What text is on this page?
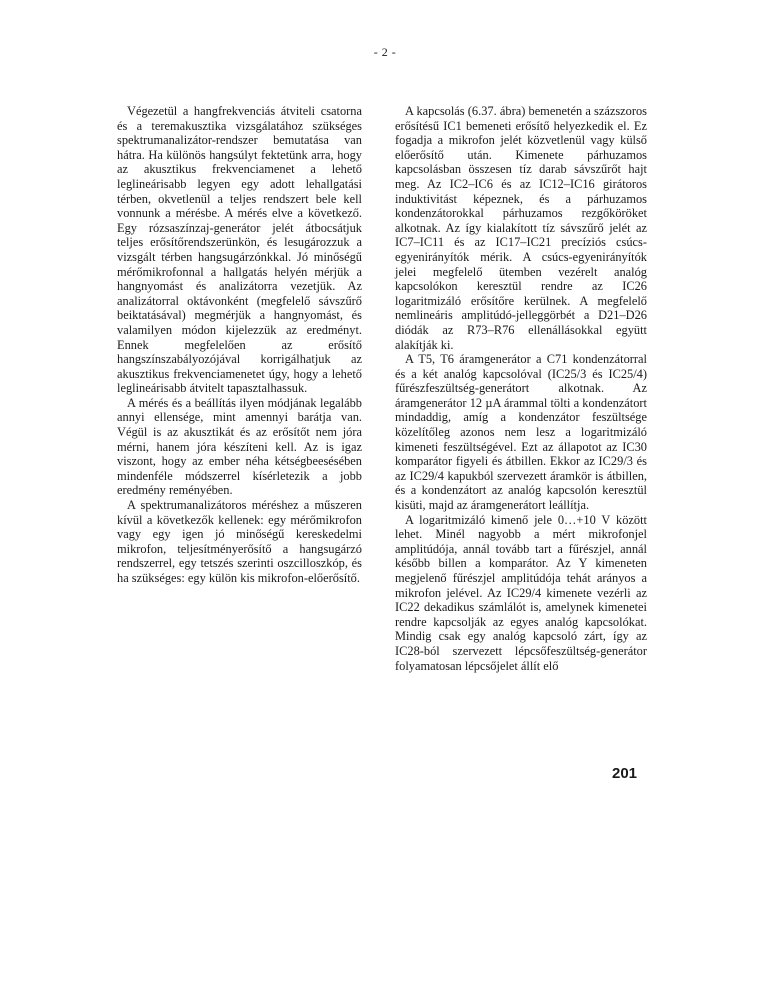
- 2 -

Végezetül a hangfrekvenciás átviteli csatorna és a teremakusztika vizsgálatához szükséges spektrumanalizátor-rendszer bemutatása van hátra. Ha különös hangsúlyt fektetünk arra, hogy az akusztikus frekvenciamenet a lehető leglineárisabb legyen egy adott lehallgatási térben, okvetlenül a teljes rendszert bele kell vonnunk a mérésbe. A mérés elve a következő. Egy rózsaszínzaj-generátor jelét átbocsátjuk teljes erősítőrendszerünkön, és lesugározzuk a vizsgált térben hangsugárzónkkal. Jó minőségű mérőmikrofonnal a hallgatás helyén mérjük a hangnyomást és analizátorra vezetjük. Az analizátorral oktávonként (megfelelő sávszűrő beiktatásával) megmérjük a hangnyomást, és valamilyen módon kijelezzük az eredményt. Ennek megfelelően az erősítő hangszínszabályozójával korrigálhatjuk az akusztikus frekvenciamenetet úgy, hogy a lehető leglineárisabb átvitelt tapasztalhassuk.

A mérés és a beállítás ilyen módjának legalább annyi ellensége, mint amennyi barátja van. Végül is az akusztikát és az erősítőt nem jóra mérni, hanem jóra készíteni kell. Az is igaz viszont, hogy az ember néha kétségbeesésében mindenféle módszerrel kísérletezik a jobb eredmény reményében.

A spektrumanalizátoros méréshez a műszeren kívül a következők kellenek: egy mérőmikrofon vagy egy igen jó minőségű kereskedelmi mikrofon, teljesítményerősítő a hangsugárzó rendszerrel, egy tetszés szerinti oszcilloszkóp, és ha szükséges: egy külön kis mikrofon-előerősítő.

A kapcsolás (6.37. ábra) bemenetén a százszoros erősítésű IC1 bemeneti erősítő helyezkedik el. Ez fogadja a mikrofon jelét közvetlenül vagy külső előerősítő után. Kimenete párhuzamos kapcsolásban összesen tíz darab sávszűrőt hajt meg. Az IC2–IC6 és az IC12–IC16 girátoros induktivitást képeznek, és a párhuzamos kondenzátorokkal párhuzamos rezgőköröket alkotnak. Az így kialakított tíz sávszűrő jelét az IC7–IC11 és az IC17–IC21 precíziós csúcs-egyenirányítók mérik. A csúcs-egyenirányítók jelei megfelelő ütemben vezérelt analóg kapcsolókon keresztül rendre az IC26 logaritmizáló erősítőre kerülnek. A megfelelő nemlineáris amplitúdó-jelleggörbét a D21–D26 diódák az R73–R76 ellenállásokkal együtt alakítják ki.

A T5, T6 áramgenerátor a C71 kondenzátorral és a két analóg kapcsolóval (IC25/3 és IC25/4) fűrészfeszültség-generátort alkotnak. Az áramgenerátor 12 µA árammal tölti a kondenzátort mindaddig, amíg a kondenzátor feszültsége közelítőleg azonos nem lesz a logaritmizáló kimeneti feszültségével. Ezt az állapotot az IC30 komparátor figyeli és átbillen. Ekkor az IC29/3 és az IC29/4 kapukból szervezett áramkör is átbillen, és a kondenzátort az analóg kapcsolón keresztül kisüti, majd az áramgenerátort leállítja.

A logaritmizáló kimenő jele 0…+10 V között lehet. Minél nagyobb a mért mikrofonjel amplitúdója, annál tovább tart a fűrészjel, annál később billen a komparátor. Az Y kimeneten megjelenő fűrészjel amplitúdója tehát arányos a mikrofon jelével. Az IC29/4 kimenete vezérli az IC22 dekadikus számlálót is, amelynek kimenetei rendre kapcsolják az egyes analóg kapcsolókat. Mindig csak egy analóg kapcsoló zárt, így az IC28-ból szervezett lépcsőfeszültség-generátor folyamatosan lépcsőjelet állít elő

201
